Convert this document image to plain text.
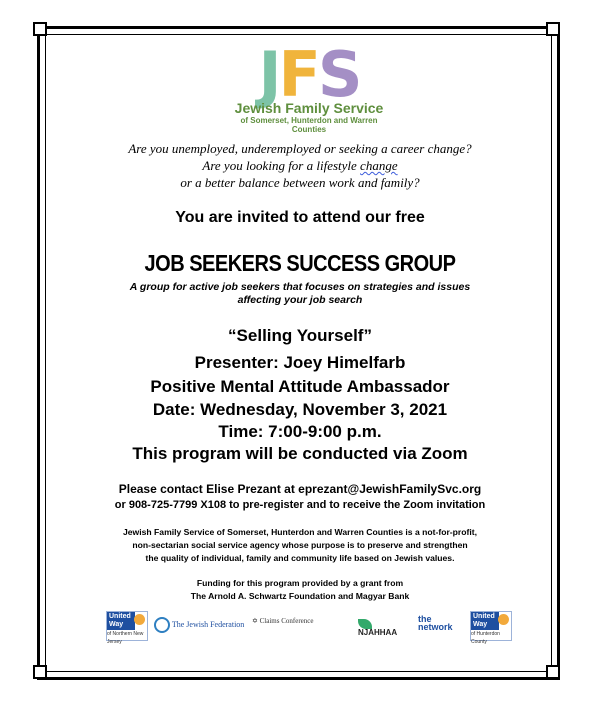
JFS
Jewish Family Service
of Somerset, Hunterdon and Warren Counties
Are you unemployed, underemployed or seeking a career change?
Are you looking for a lifestyle change
or a better balance between work and family?
You are invited to attend our free
JOB SEEKERS SUCCESS GROUP
A group for active job seekers that focuses on strategies and issues
affecting your job search
“Selling Yourself”
Presenter: Joey Himelfarb
Positive Mental Attitude Ambassador
Date: Wednesday, November 3, 2021
Time: 7:00-9:00 p.m.
This program will be conducted via Zoom
Please contact Elise Prezant at eprezant@JewishFamilySvc.org
or 908-725-7799 X108 to pre-register and to receive the Zoom invitation
Jewish Family Service of Somerset, Hunterdon and Warren Counties is a not-for-profit,
non-sectarian social service agency whose purpose is to preserve and strengthen
the quality of individual, family and community life based on Jewish values.
Funding for this program provided by a grant from
The Arnold A. Schwartz Foundation and Magyar Bank
United Way
of Northern New Jersey
The Jewish Federation ✡ Claims Conference
NJAHHAA
the network
United Way
of Hunterdon County
